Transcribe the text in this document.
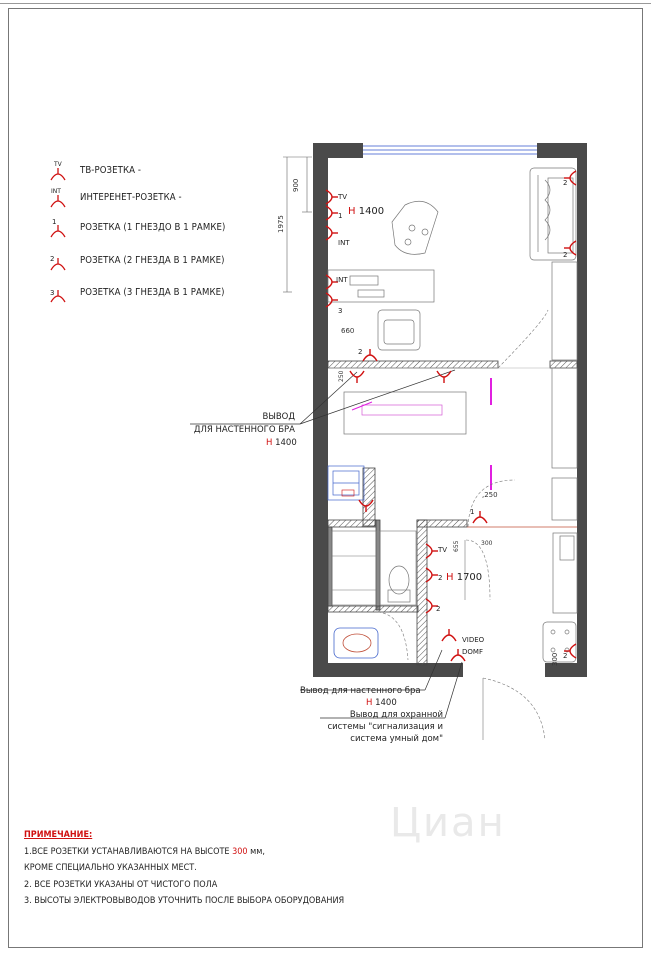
TV ТВ-РОЗЕТКА -
INT ИНТЕРЕНЕТ-РОЗЕТКА -
1 РОЗЕТКА (1 ГНЕЗДО В 1 РАМКЕ)
2	РОЗЕТКА (2 ГНЕЗДА В 1 РАМКЕ)
3	РОЗЕТКА (3 ГНЕЗДА В 1 РАМКЕ)
900
1975
660
TV
1
INT
H 1400
INT
3
2
2
2
250
,250
1
TV
2 H 1700
655	300
2
VIDEO
DOMF
300 2
ВЫВОД
ДЛЯ НАСТЕННОГО БРА
H 1400
Вывод для настенного бра
H 1400
Вывод для охранной
системы "сигнализация и
система умный дом"
Циан
ПРИМЕЧАНИЕ:
1.ВСЕ РОЗЕТКИ УСТАНАВЛИВАЮТСЯ НА ВЫСОТЕ 300 мм,
КРОМЕ СПЕЦИАЛЬНО УКАЗАННЫХ МЕСТ.
2. ВСЕ РОЗЕТКИ УКАЗАНЫ ОТ ЧИСТОГО ПОЛА
3. ВЫСОТЫ ЭЛЕКТРОВЫВОДОВ УТОЧНИТЬ ПОСЛЕ ВЫБОРА ОБОРУДОВАНИЯ
